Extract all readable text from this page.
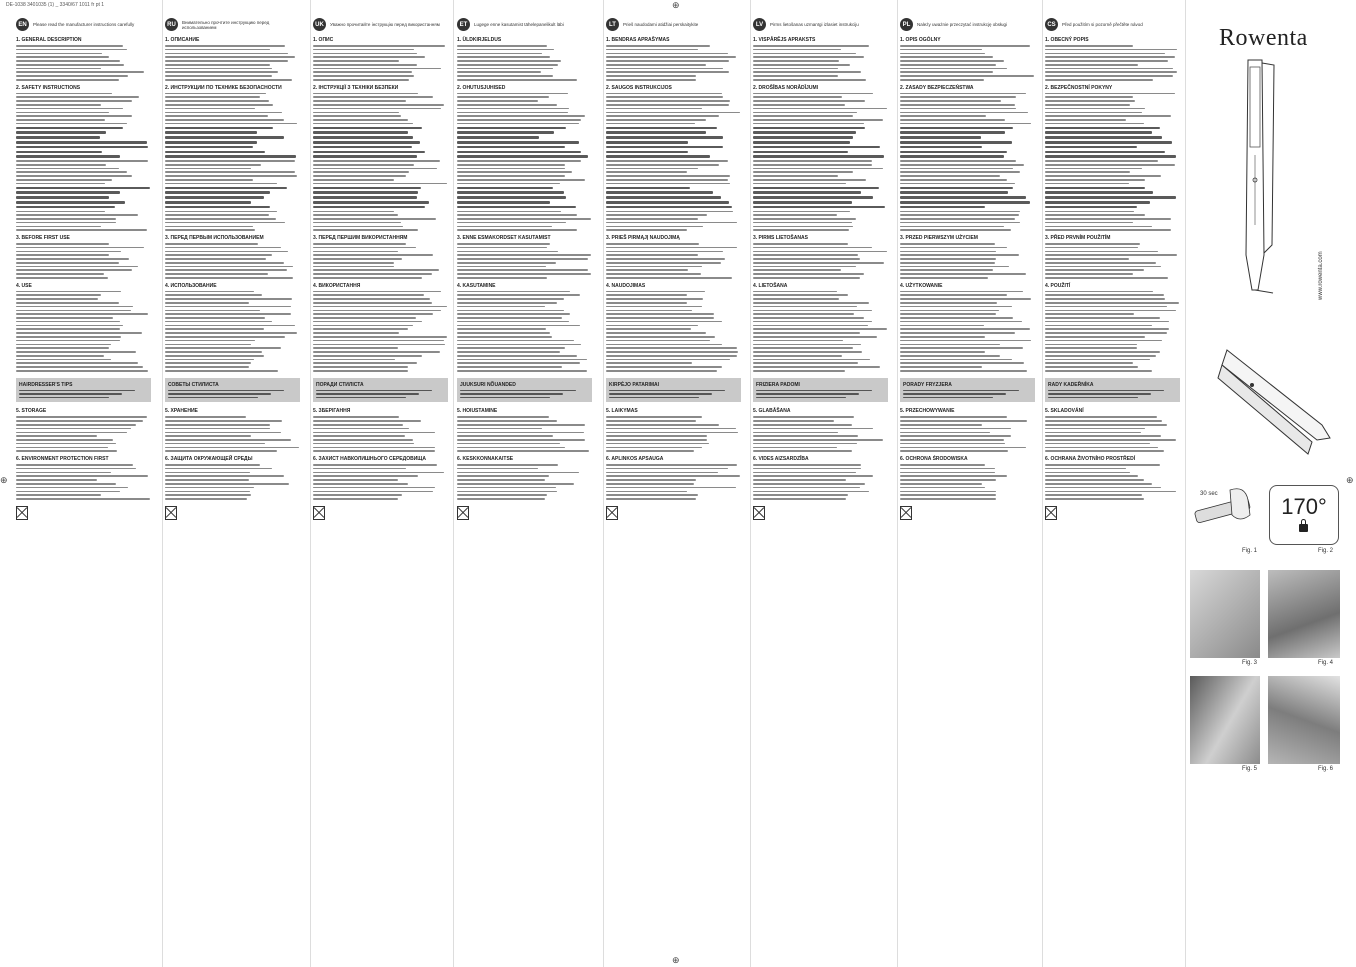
DE-1038 3401035 (1) _ 3340/67 1011 fr pt 1	⊕
⊕
⊕	⊕
EN	Please read the manufacturer instructions carefully
1. GENERAL DESCRIPTION
2. SAFETY INSTRUCTIONS
3. BEFORE FIRST USE
4. USE
HAIRDRESSER'S TIPS
5. STORAGE
6. ENVIRONMENT PROTECTION FIRST
RU	Внимательно прочтите инструкцию перед использованием
1. ОПИСАНИЕ
2. ИНСТРУКЦИИ ПО ТЕХНИКЕ БЕЗОПАСНОСТИ
3. ПЕРЕД ПЕРВЫМ ИСПОЛЬЗОВАНИЕМ
4. ИСПОЛЬЗОВАНИЕ
СОВЕТЫ СТИЛИСТА
5. ХРАНЕНИЕ
6. ЗАЩИТА ОКРУЖАЮЩЕЙ СРЕДЫ
UK	Уважно прочитайте інструкцію перед використанням
1. ОПИС
2. ІНСТРУКЦІЇ З ТЕХНІКИ БЕЗПЕКИ
3. ПЕРЕД ПЕРШИМ ВИКОРИСТАННЯМ
4. ВИКОРИСТАННЯ
ПОРАДИ СТИЛІСТА
5. ЗБЕРІГАННЯ
6. ЗАХИСТ НАВКОЛИШНЬОГО СЕРЕДОВИЩА
ET	Lugege enne kasutamist tähelepanelikult läbi
1. ÜLDKIRJELDUS
2. OHUTUSJUHISED
3. ENNE ESMAKORDSET KASUTAMIST
4. KASUTAMINE
JUUKSURI NÕUANDED
5. HOIUSTAMINE
6. KESKKONNAKAITSE
LT	Prieš naudodami atidžiai perskaitykite
1. BENDRAS APRAŠYMAS
2. SAUGOS INSTRUKCIJOS
3. PRIEŠ PIRMĄJĮ NAUDOJIMĄ
4. NAUDOJIMAS
KIRPĖJO PATARIMAI
5. LAIKYMAS
6. APLINKOS APSAUGA
LV	Pirms lietošanas uzmanīgi izlasiet instrukciju
1. VISPĀRĒJS APRAKSTS
2. DROŠĪBAS NORĀDĪJUMI
3. PIRMS LIETOŠANAS
4. LIETOŠANA
FRIZIERA PADOMI
5. GLABĀŠANA
6. VIDES AIZSARDZĪBA
PL	Należy uważnie przeczytać instrukcję obsługi
1. OPIS OGÓLNY
2. ZASADY BEZPIECZEŃSTWA
3. PRZED PIERWSZYM UŻYCIEM
4. UŻYTKOWANIE
PORADY FRYZJERA
5. PRZECHOWYWANIE
6. OCHRONA ŚRODOWISKA
CS	Před použitím si pozorně přečtěte návod
1. OBECNÝ POPIS
2. BEZPEČNOSTNÍ POKYNY
3. PŘED PRVNÍM POUŽITÍM
4. POUŽITÍ
RADY KADEŘNÍKA
5. SKLADOVÁNÍ
6. OCHRANA ŽIVOTNÍHO PROSTŘEDÍ
Rowenta
www.rowenta.com
Fig. 1	Fig. 2
30 sec	170°
Fig. 3	Fig. 4
Fig. 5	Fig. 6
